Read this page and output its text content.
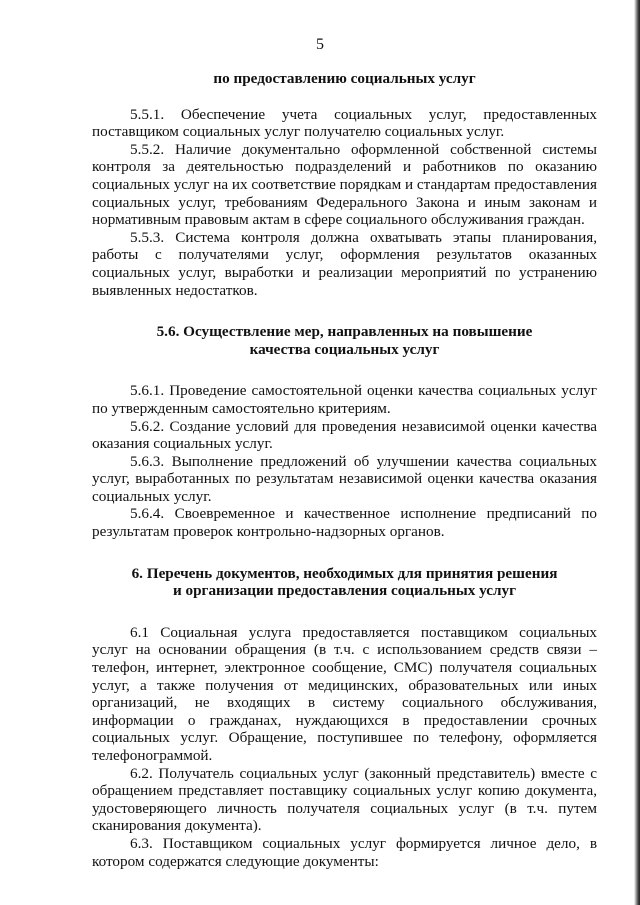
5

по предоставлению социальных услуг

5.5.1. Обеспечение учета социальных услуг, предоставленных поставщиком социальных услуг получателю социальных услуг.

5.5.2. Наличие документально оформленной собственной системы контроля за деятельностью подразделений и работников по оказанию социальных услуг на их соответствие порядкам и стандартам предоставления социальных услуг, требованиям Федерального Закона и иным законам и нормативным правовым актам в сфере социального обслуживания граждан.

5.5.3. Система контроля должна охватывать этапы планирования, работы с получателями услуг, оформления результатов оказанных социальных услуг, выработки и реализации мероприятий по устранению выявленных недостатков.

5.6. Осуществление мер, направленных на повышение

качества социальных услуг

5.6.1. Проведение самостоятельной оценки качества социальных услуг по утвержденным самостоятельно критериям.

5.6.2. Создание условий для проведения независимой оценки качества оказания социальных услуг.

5.6.3. Выполнение предложений об улучшении качества социальных услуг, выработанных по результатам независимой оценки качества оказания социальных услуг.

5.6.4. Своевременное и качественное исполнение предписаний по результатам проверок контрольно-надзорных органов.

6. Перечень документов, необходимых для принятия решения

и организации предоставления социальных услуг

6.1 Социальная услуга предоставляется поставщиком социальных услуг на основании обращения (в т.ч. с использованием средств связи – телефон, интернет, электронное сообщение, СМС) получателя социальных услуг, а также получения от медицинских, образовательных или иных организаций, не входящих в систему социального обслуживания, информации о гражданах, нуждающихся в предоставлении срочных социальных услуг. Обращение, поступившее по телефону, оформляется телефонограммой.

6.2. Получатель социальных услуг (законный представитель) вместе с обращением представляет поставщику социальных услуг копию документа, удостоверяющего личность получателя социальных услуг (в т.ч. путем сканирования документа).

6.3. Поставщиком социальных услуг формируется личное дело, в котором содержатся следующие документы:
